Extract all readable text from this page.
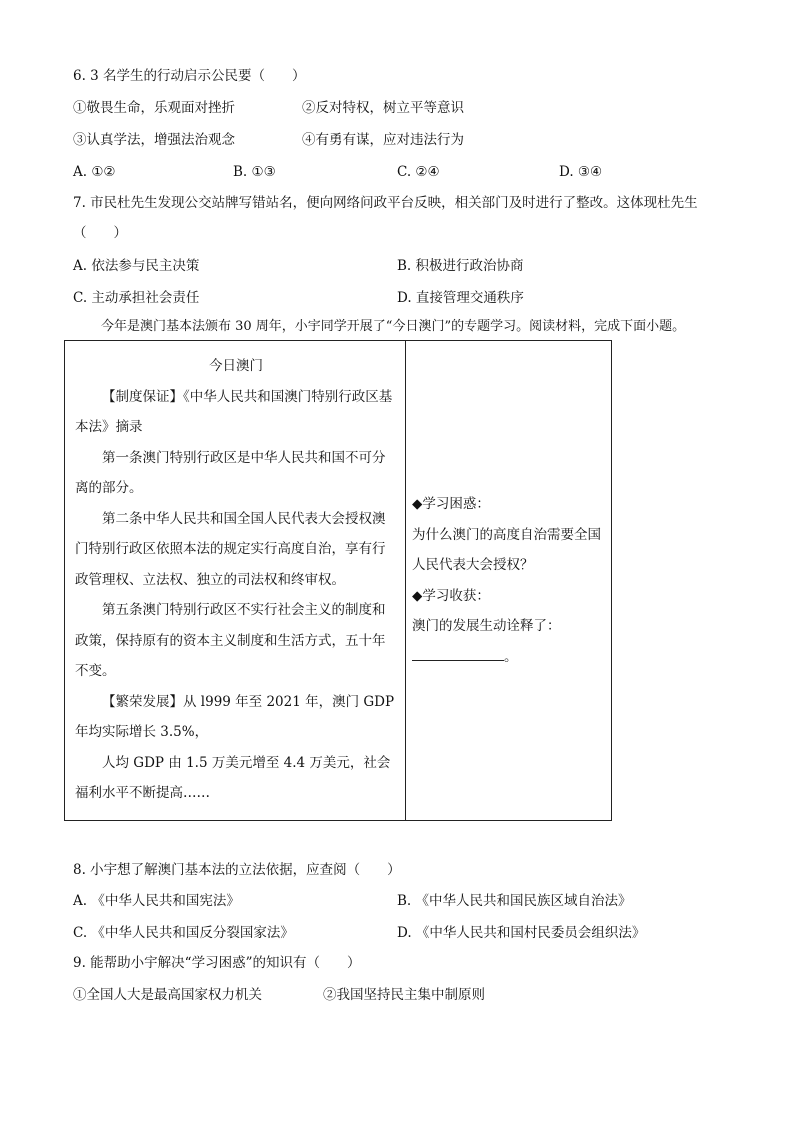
6. 3 名学生的行动启示公民要（　　）
①敬畏生命，乐观面对挫折	②反对特权，树立平等意识
③认真学法，增强法治观念	④有勇有谋，应对违法行为
A. ①②	B. ①③	C. ②④	D. ③④
7. 市民杜先生发现公交站牌写错站名，便向网络问政平台反映，相关部门及时进行了整改。这体现杜先生
（　　）
A. 依法参与民主决策	B. 积极进行政治协商
C. 主动承担社会责任	D. 直接管理交通秩序
今年是澳门基本法颁布 30 周年，小宇同学开展了“今日澳门”的专题学习。阅读材料，完成下面小题。

今日澳门

【制度保证】《中华人民共和国澳门特别行政区基本法》摘录

第一条澳门特别行政区是中华人民共和国不可分离的部分。

第二条中华人民共和国全国人民代表大会授权澳门特别行政区依照本法的规定实行高度自治，享有行政管理权、立法权、独立的司法权和终审权。

第五条澳门特别行政区不实行社会主义的制度和政策，保持原有的资本主义制度和生活方式，五十年不变。

【繁荣发展】从 l999 年至 2021 年，澳门 GDP 年均实际增长 3.5%，

人均 GDP 由 1.5 万美元增至 4.4 万美元，社会福利水平不断提高……

◆学习困惑：

为什么澳门的高度自治需要全国人民代表大会授权？

◆学习收获：

澳门的发展生动诠释了：

。

8. 小宇想了解澳门基本法的立法依据，应查阅（　　）
A. 《中华人民共和国宪法》	B. 《中华人民共和国民族区域自治法》
C. 《中华人民共和国反分裂国家法》	D. 《中华人民共和国村民委员会组织法》
9. 能帮助小宇解决“学习困惑”的知识有（　　）
①全国人大是最高国家权力机关	②我国坚持民主集中制原则
